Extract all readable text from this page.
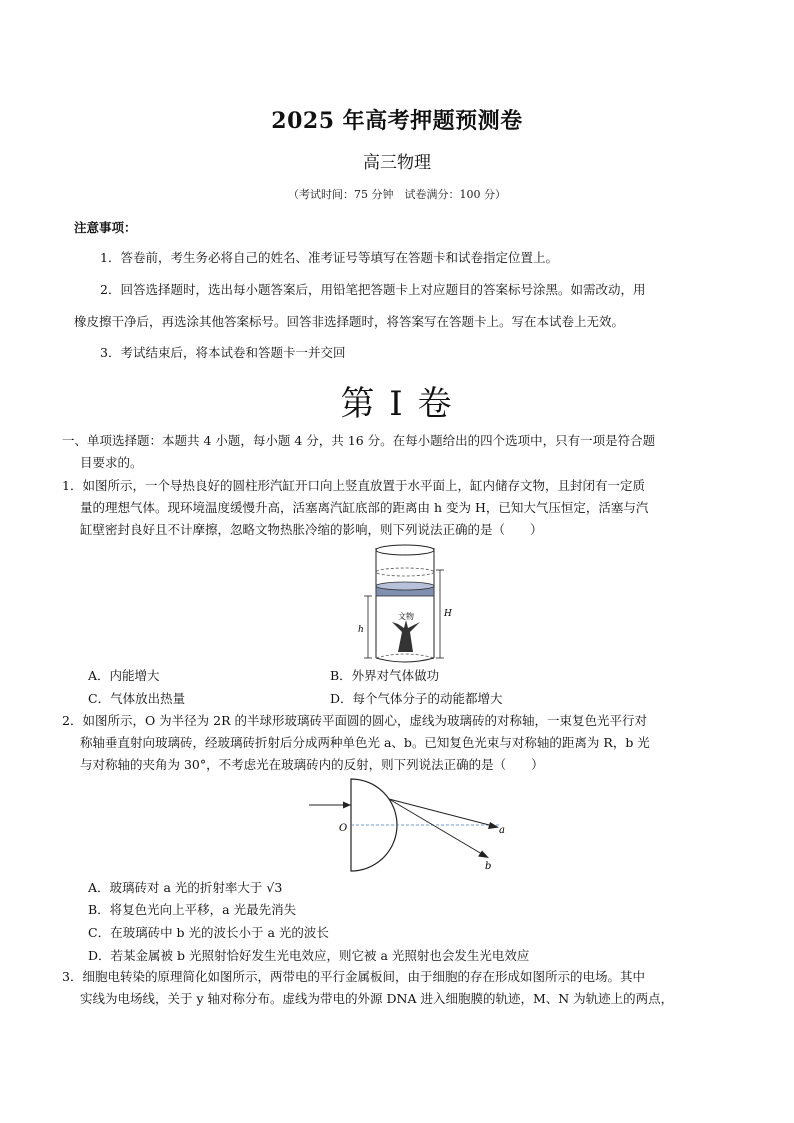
2025 年高考押题预测卷
高三物理
（考试时间：75 分钟　试卷满分：100 分）
注意事项：
1．答卷前，考生务必将自己的姓名、准考证号等填写在答题卡和试卷指定位置上。
2．回答选择题时，选出每小题答案后，用铅笔把答题卡上对应题目的答案标号涂黑。如需改动，用
橡皮擦干净后，再选涂其他答案标号。回答非选择题时，将答案写在答题卡上。写在本试卷上无效。
3．考试结束后，将本试卷和答题卡一并交回
第 I 卷
一、单项选择题：本题共 4 小题，每小题 4 分，共 16 分。在每小题给出的四个选项中，只有一项是符合题
目要求的。
1．如图所示，一个导热良好的圆柱形汽缸开口向上竖直放置于水平面上，缸内储存文物，且封闭有一定质
量的理想气体。现环境温度缓慢升高，活塞离汽缸底部的距离由 h 变为 H，已知大气压恒定，活塞与汽
缸壁密封良好且不计摩擦，忽略文物热胀冷缩的影响，则下列说法正确的是（　　）
文物	H
h
A．内能增大	B．外界对气体做功
C．气体放出热量	D．每个气体分子的动能都增大
2．如图所示，O 为半径为 2R 的半球形玻璃砖平面圆的圆心，虚线为玻璃砖的对称轴，一束复色光平行对
称轴垂直射向玻璃砖，经玻璃砖折射后分成两种单色光 a、b。已知复色光束与对称轴的距离为 R，b 光
与对称轴的夹角为 30°，不考虑光在玻璃砖内的反射，则下列说法正确的是（　　）
O	a
b
A．玻璃砖对 a 光的折射率大于 √3
B．将复色光向上平移，a 光最先消失
C．在玻璃砖中 b 光的波长小于 a 光的波长
D．若某金属被 b 光照射恰好发生光电效应，则它被 a 光照射也会发生光电效应
3．细胞电转染的原理简化如图所示，两带电的平行金属板间，由于细胞的存在形成如图所示的电场。其中
实线为电场线，关于 y 轴对称分布。虚线为带电的外源 DNA 进入细胞膜的轨迹，M、N 为轨迹上的两点，
